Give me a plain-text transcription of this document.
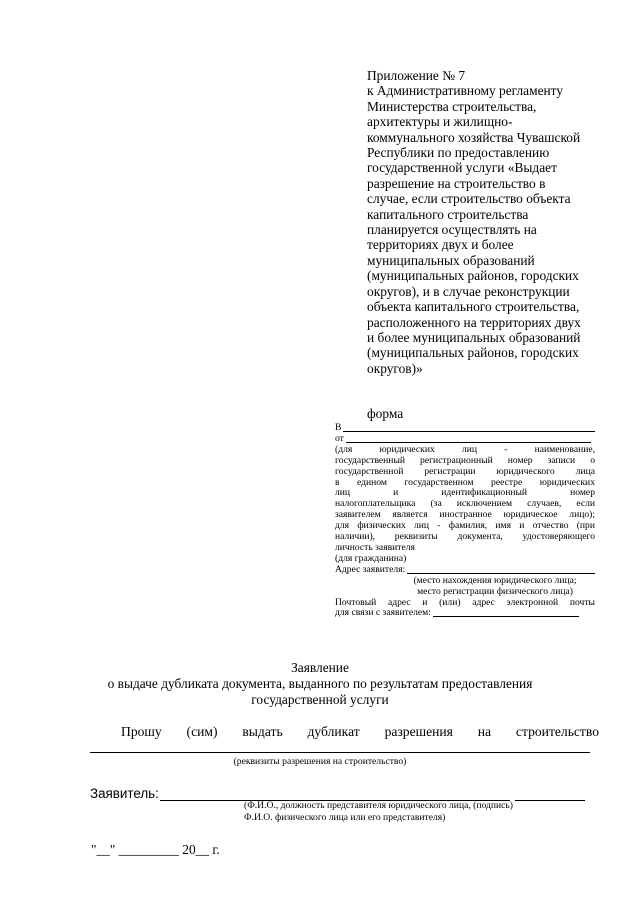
Приложение № 7
к Административному регламенту
Министерства строительства,
архитектуры и жилищно-
коммунального хозяйства Чувашской
Республики по предоставлению
государственной услуги «Выдает
разрешение на строительство в
случае, если строительство объекта
капитального строительства
планируется осуществлять на
территориях двух и более
муниципальных образований
(муниципальных районов, городских
округов), и в случае реконструкции
объекта капитального строительства,
расположенного на территориях двух
и более муниципальных образований
(муниципальных районов, городских
округов)»
форма
В
от
(для юридических лиц - наименование,
государственный регистрационный номер записи о
государственной регистрации юридического лица
в едином государственном реестре юридических
лиц и идентификационный номер
налогоплательщика (за исключением случаев, если
заявителем является иностранное юридическое лицо);
для физических лиц - фамилия, имя и отчество (при
наличии), реквизиты документа, удостоверяющего
личность заявителя
(для гражданина)
Адрес заявителя:
(место нахождения юридического лица;
место регистрации физического лица)
Почтовый адрес и (или) адрес электронной почты
для связи с заявителем:
Заявление
о выдаче дубликата документа, выданного по результатам предоставления
государственной услуги
Прошу (сим) выдать дубликат разрешения на строительство
(реквизиты разрешения на строительство)
Заявитель:
(Ф.И.О., должность представителя юридического лица, (подпись)
Ф.И.О. физического лица или его представителя)
"__" _________ 20__ г.
